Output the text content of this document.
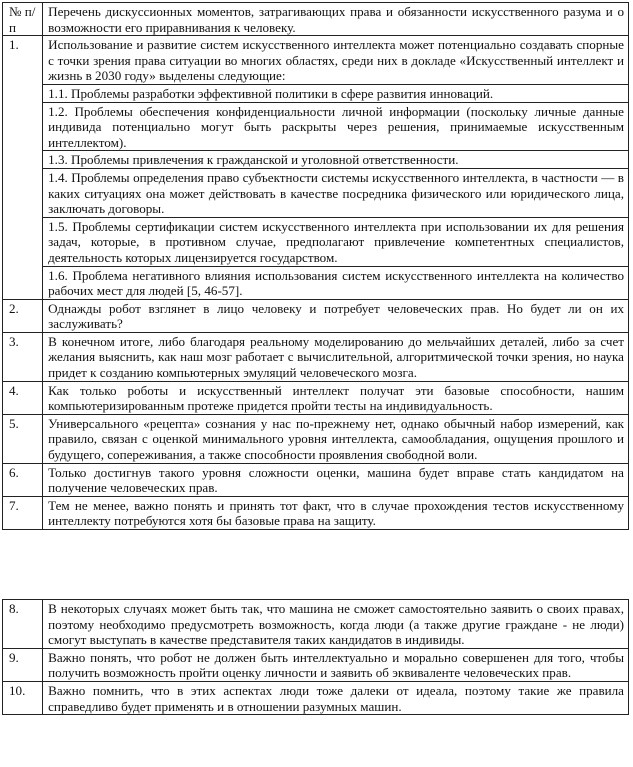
№ п/п	Перечень дискуссионных моментов, затрагивающих права и обязанности искусственного разума и о возможности его приравнивания к человеку.
1.	Использование и развитие систем искусственного интеллекта может потенциально создавать спорные с точки зрения права ситуации во многих областях, среди них в докладе «Искусственный интеллект и жизнь в 2030 году» выделены следующие:
	1.1. Проблемы разработки эффективной политики в сфере развития инноваций.
	1.2. Проблемы обеспечения конфиденциальности личной информации (поскольку личные данные индивида потенциально могут быть раскрыты через решения, принимаемые искусственным интеллектом).
	1.3. Проблемы привлечения к гражданской и уголовной ответственности.
	1.4. Проблемы определения право субъектности системы искусственного интеллекта, в частности — в каких ситуациях она может действовать в качестве посредника физического или юридического лица, заключать договоры.
	1.5. Проблемы сертификации систем искусственного интеллекта при использовании их для решения задач, которые, в противном случае, предполагают привлечение компетентных специалистов, деятельность которых лицензируется государством.
	1.6. Проблема негативного влияния использования систем искусственного интеллекта на количество рабочих мест для людей [5, 46-57].
2.	Однажды робот взглянет в лицо человеку и потребует человеческих прав. Но будет ли он их заслуживать?
3.	В конечном итоге, либо благодаря реальному моделированию до мельчайших деталей, либо за счет желания выяснить, как наш мозг работает с вычислительной, алгоритмической точки зрения, но наука придет к созданию компьютерных эмуляций человеческого мозга.
4.	Как только роботы и искусственный интеллект получат эти базовые способности, нашим компьютеризированным протеже придется пройти тесты на индивидуальность.
5.	Универсального «рецепта» сознания у нас по-прежнему нет, однако обычный набор измерений, как правило, связан с оценкой минимального уровня интеллекта, самообладания, ощущения прошлого и будущего, сопереживания, а также способности проявления свободной воли.
6.	Только достигнув такого уровня сложности оценки, машина будет вправе стать кандидатом на получение человеческих прав.
7.	Тем не менее, важно понять и принять тот факт, что в случае прохождения тестов искусственному интеллекту потребуются хотя бы базовые права на защиту.
8.	В некоторых случаях может быть так, что машина не сможет самостоятельно заявить о своих правах, поэтому необходимо предусмотреть возможность, когда люди (а также другие граждане - не люди) смогут выступать в качестве представителя таких кандидатов в индивиды.
9.	Важно понять, что робот не должен быть интеллектуально и морально совершенен для того, чтобы получить возможность пройти оценку личности и заявить об эквиваленте человеческих прав.
10.	Важно помнить, что в этих аспектах люди тоже далеки от идеала, поэтому такие же правила справедливо будет применять и в отношении разумных машин.
